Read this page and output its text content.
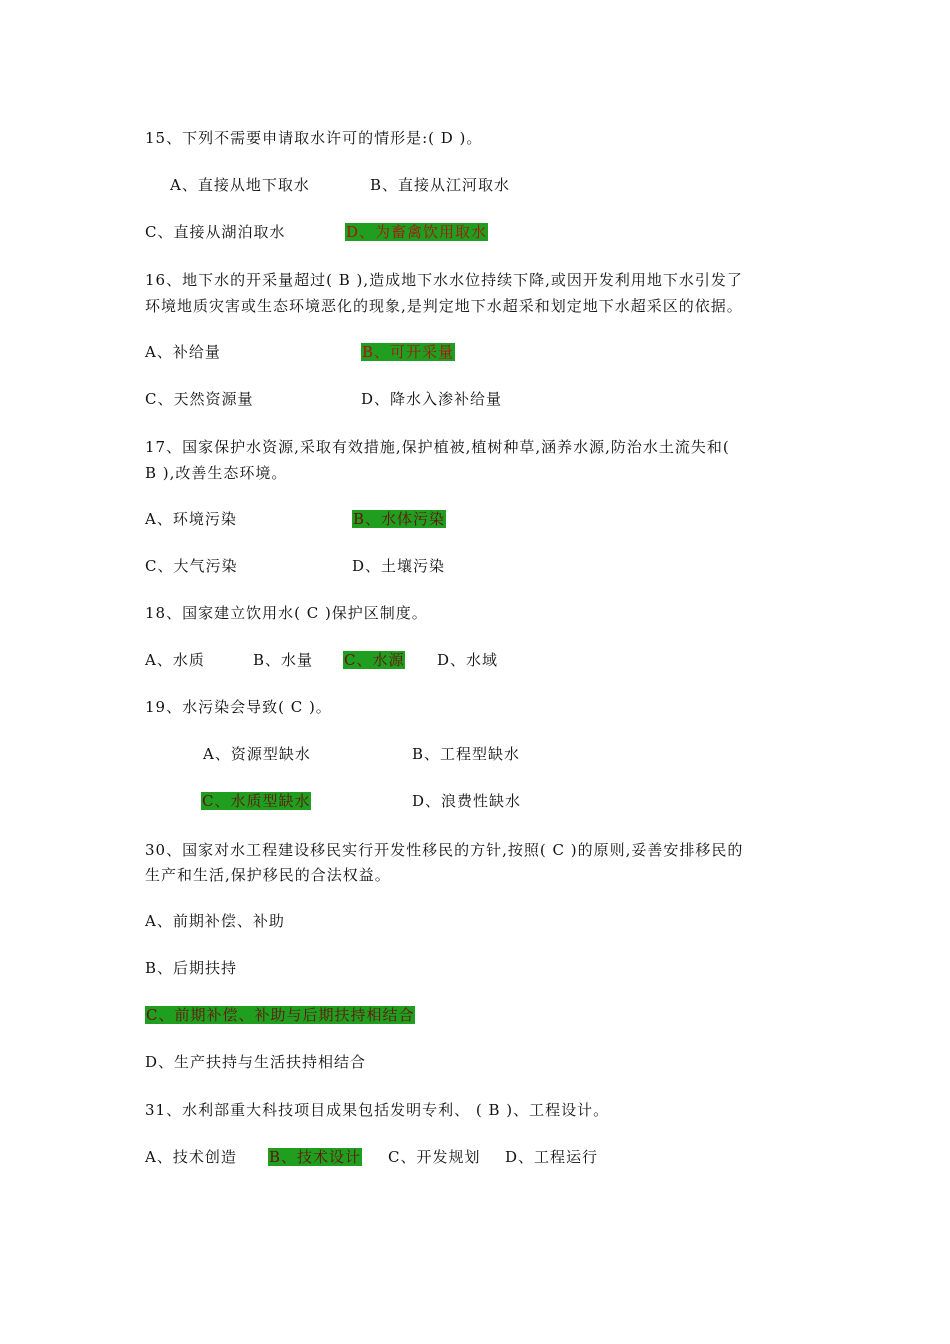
15、下列不需要申请取水许可的情形是:( D )。
A、直接从地下取水	B、直接从江河取水
C、直接从湖泊取水	D、为畜禽饮用取水
16、地下水的开采量超过( B ),造成地下水水位持续下降,或因开发利用地下水引发了
环境地质灾害或生态环境恶化的现象,是判定地下水超采和划定地下水超采区的依据。
A、补给量	B、可开采量
C、天然资源量	D、降水入渗补给量
17、国家保护水资源,采取有效措施,保护植被,植树种草,涵养水源,防治水土流失和(
B ),改善生态环境。
A、环境污染	B、水体污染
C、大气污染	D、土壤污染
18、国家建立饮用水( C )保护区制度。
A、水质	B、水量 C、水源 D、水域
19、水污染会导致( C )。
A、资源型缺水	B、工程型缺水
C、水质型缺水	D、浪费性缺水
30、国家对水工程建设移民实行开发性移民的方针,按照( C )的原则,妥善安排移民的
生产和生活,保护移民的合法权益。
A、前期补偿、补助
B、后期扶持
C、前期补偿、补助与后期扶持相结合
D、生产扶持与生活扶持相结合
31、水利部重大科技项目成果包括发明专利、 ( B )、工程设计。
A、技术创造 B、技术设计 C、开发规划 D、工程运行
